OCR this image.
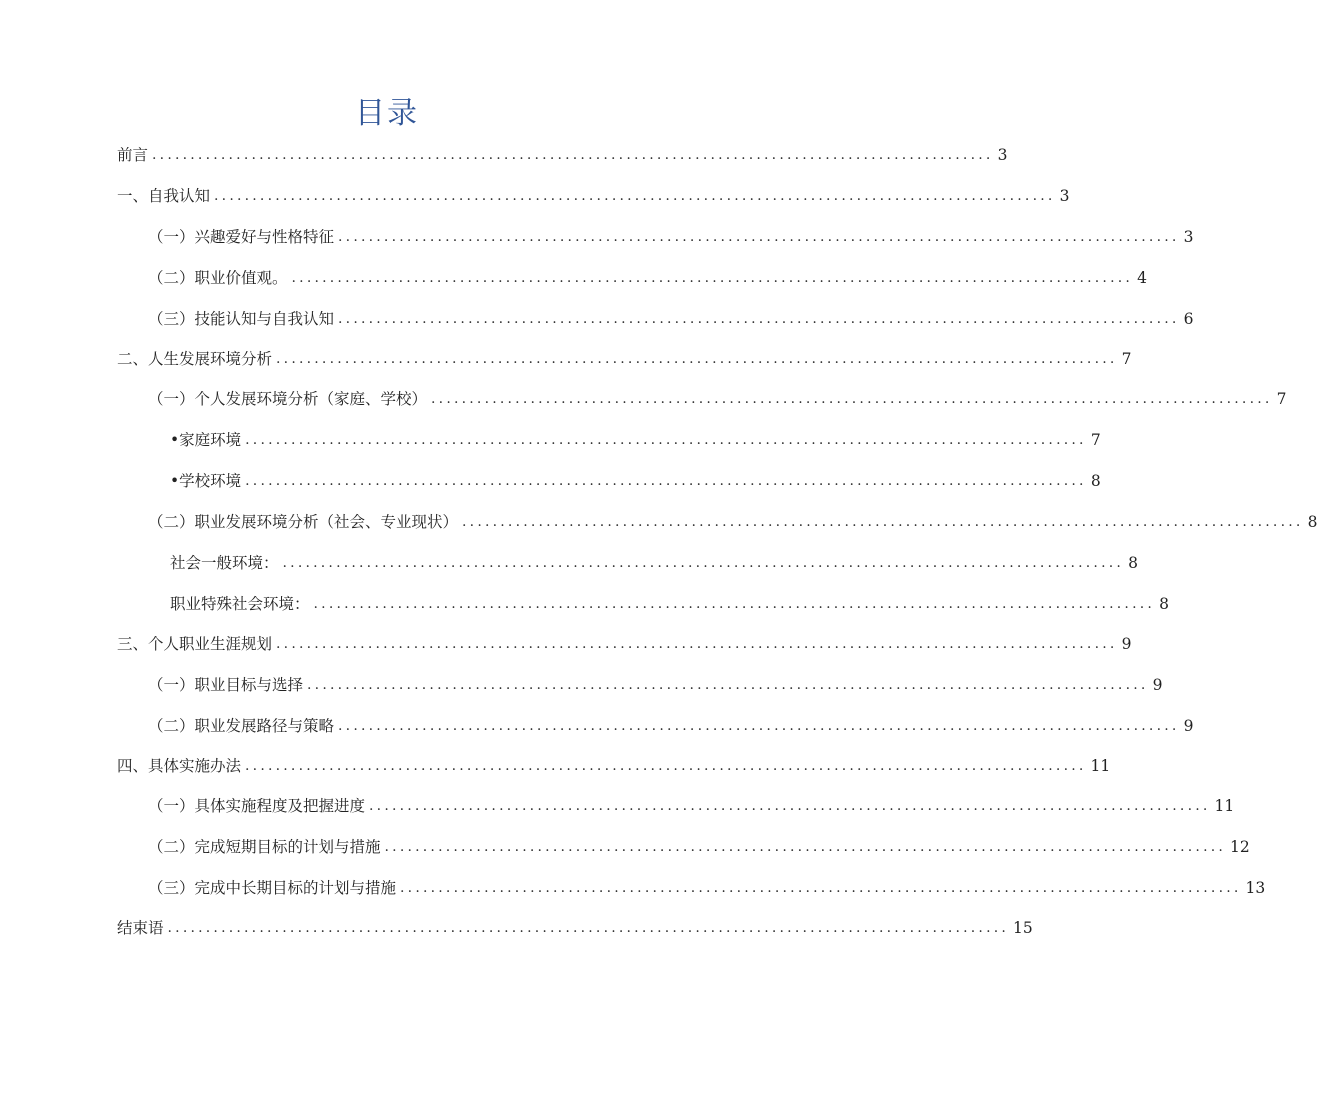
目录
前言 .............................................................................................................. 3
一、自我认知 .............................................................................................................. 3
（一）兴趣爱好与性格特征 .............................................................................................................. 3
（二）职业价值观。 .............................................................................................................. 4
（三）技能认知与自我认知 .............................................................................................................. 6
二、人生发展环境分析 .............................................................................................................. 7
（一）个人发展环境分析（家庭、学校） .............................................................................................................. 7
•家庭环境 .............................................................................................................. 7
•学校环境 .............................................................................................................. 8
（二）职业发展环境分析（社会、专业现状） .............................................................................................................. 8
社会一般环境： .............................................................................................................. 8
职业特殊社会环境： .............................................................................................................. 8
三、个人职业生涯规划 .............................................................................................................. 9
（一）职业目标与选择 .............................................................................................................. 9
（二）职业发展路径与策略 .............................................................................................................. 9
四、具体实施办法 .............................................................................................................. 11
（一）具体实施程度及把握进度 .............................................................................................................. 11
（二）完成短期目标的计划与措施 .............................................................................................................. 12
（三）完成中长期目标的计划与措施 .............................................................................................................. 13
结束语 .............................................................................................................. 15
